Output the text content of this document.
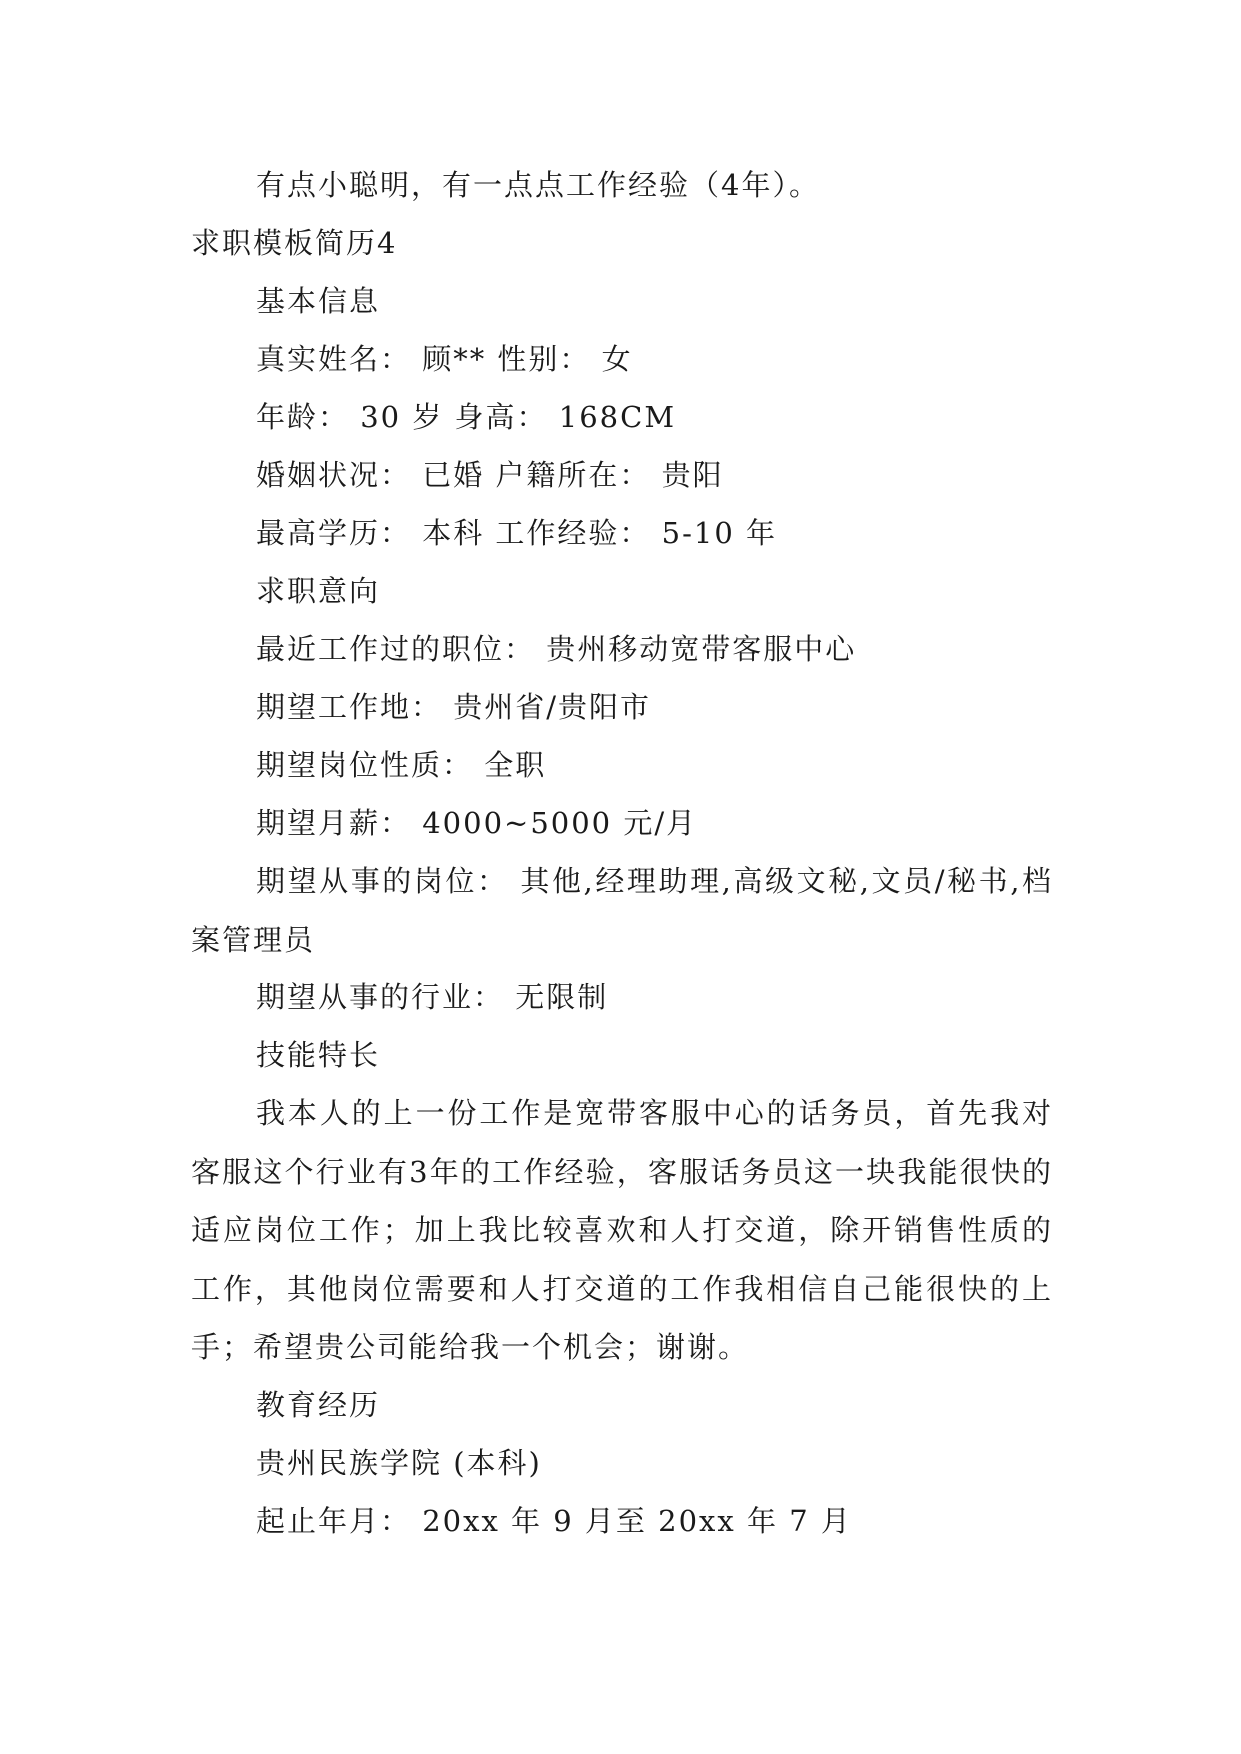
有点小聪明，有一点点工作经验（4年）。
求职模板简历4
基本信息
真实姓名： 顾** 性别： 女
年龄： 30 岁 身高： 168CM
婚姻状况： 已婚 户籍所在： 贵阳
最高学历： 本科 工作经验： 5-10 年
求职意向
最近工作过的职位： 贵州移动宽带客服中心
期望工作地： 贵州省/贵阳市
期望岗位性质： 全职
期望月薪： 4000~5000 元/月
期望从事的岗位： 其他,经理助理,高级文秘,文员/秘书,档案管理员
期望从事的行业： 无限制
技能特长
我本人的上一份工作是宽带客服中心的话务员，首先我对客服这个行业有3年的工作经验，客服话务员这一块我能很快的适应岗位工作；加上我比较喜欢和人打交道，除开销售性质的工作，其他岗位需要和人打交道的工作我相信自己能很快的上手；希望贵公司能给我一个机会；谢谢。
教育经历
贵州民族学院 (本科)
起止年月： 20xx 年 9 月至 20xx 年 7 月
